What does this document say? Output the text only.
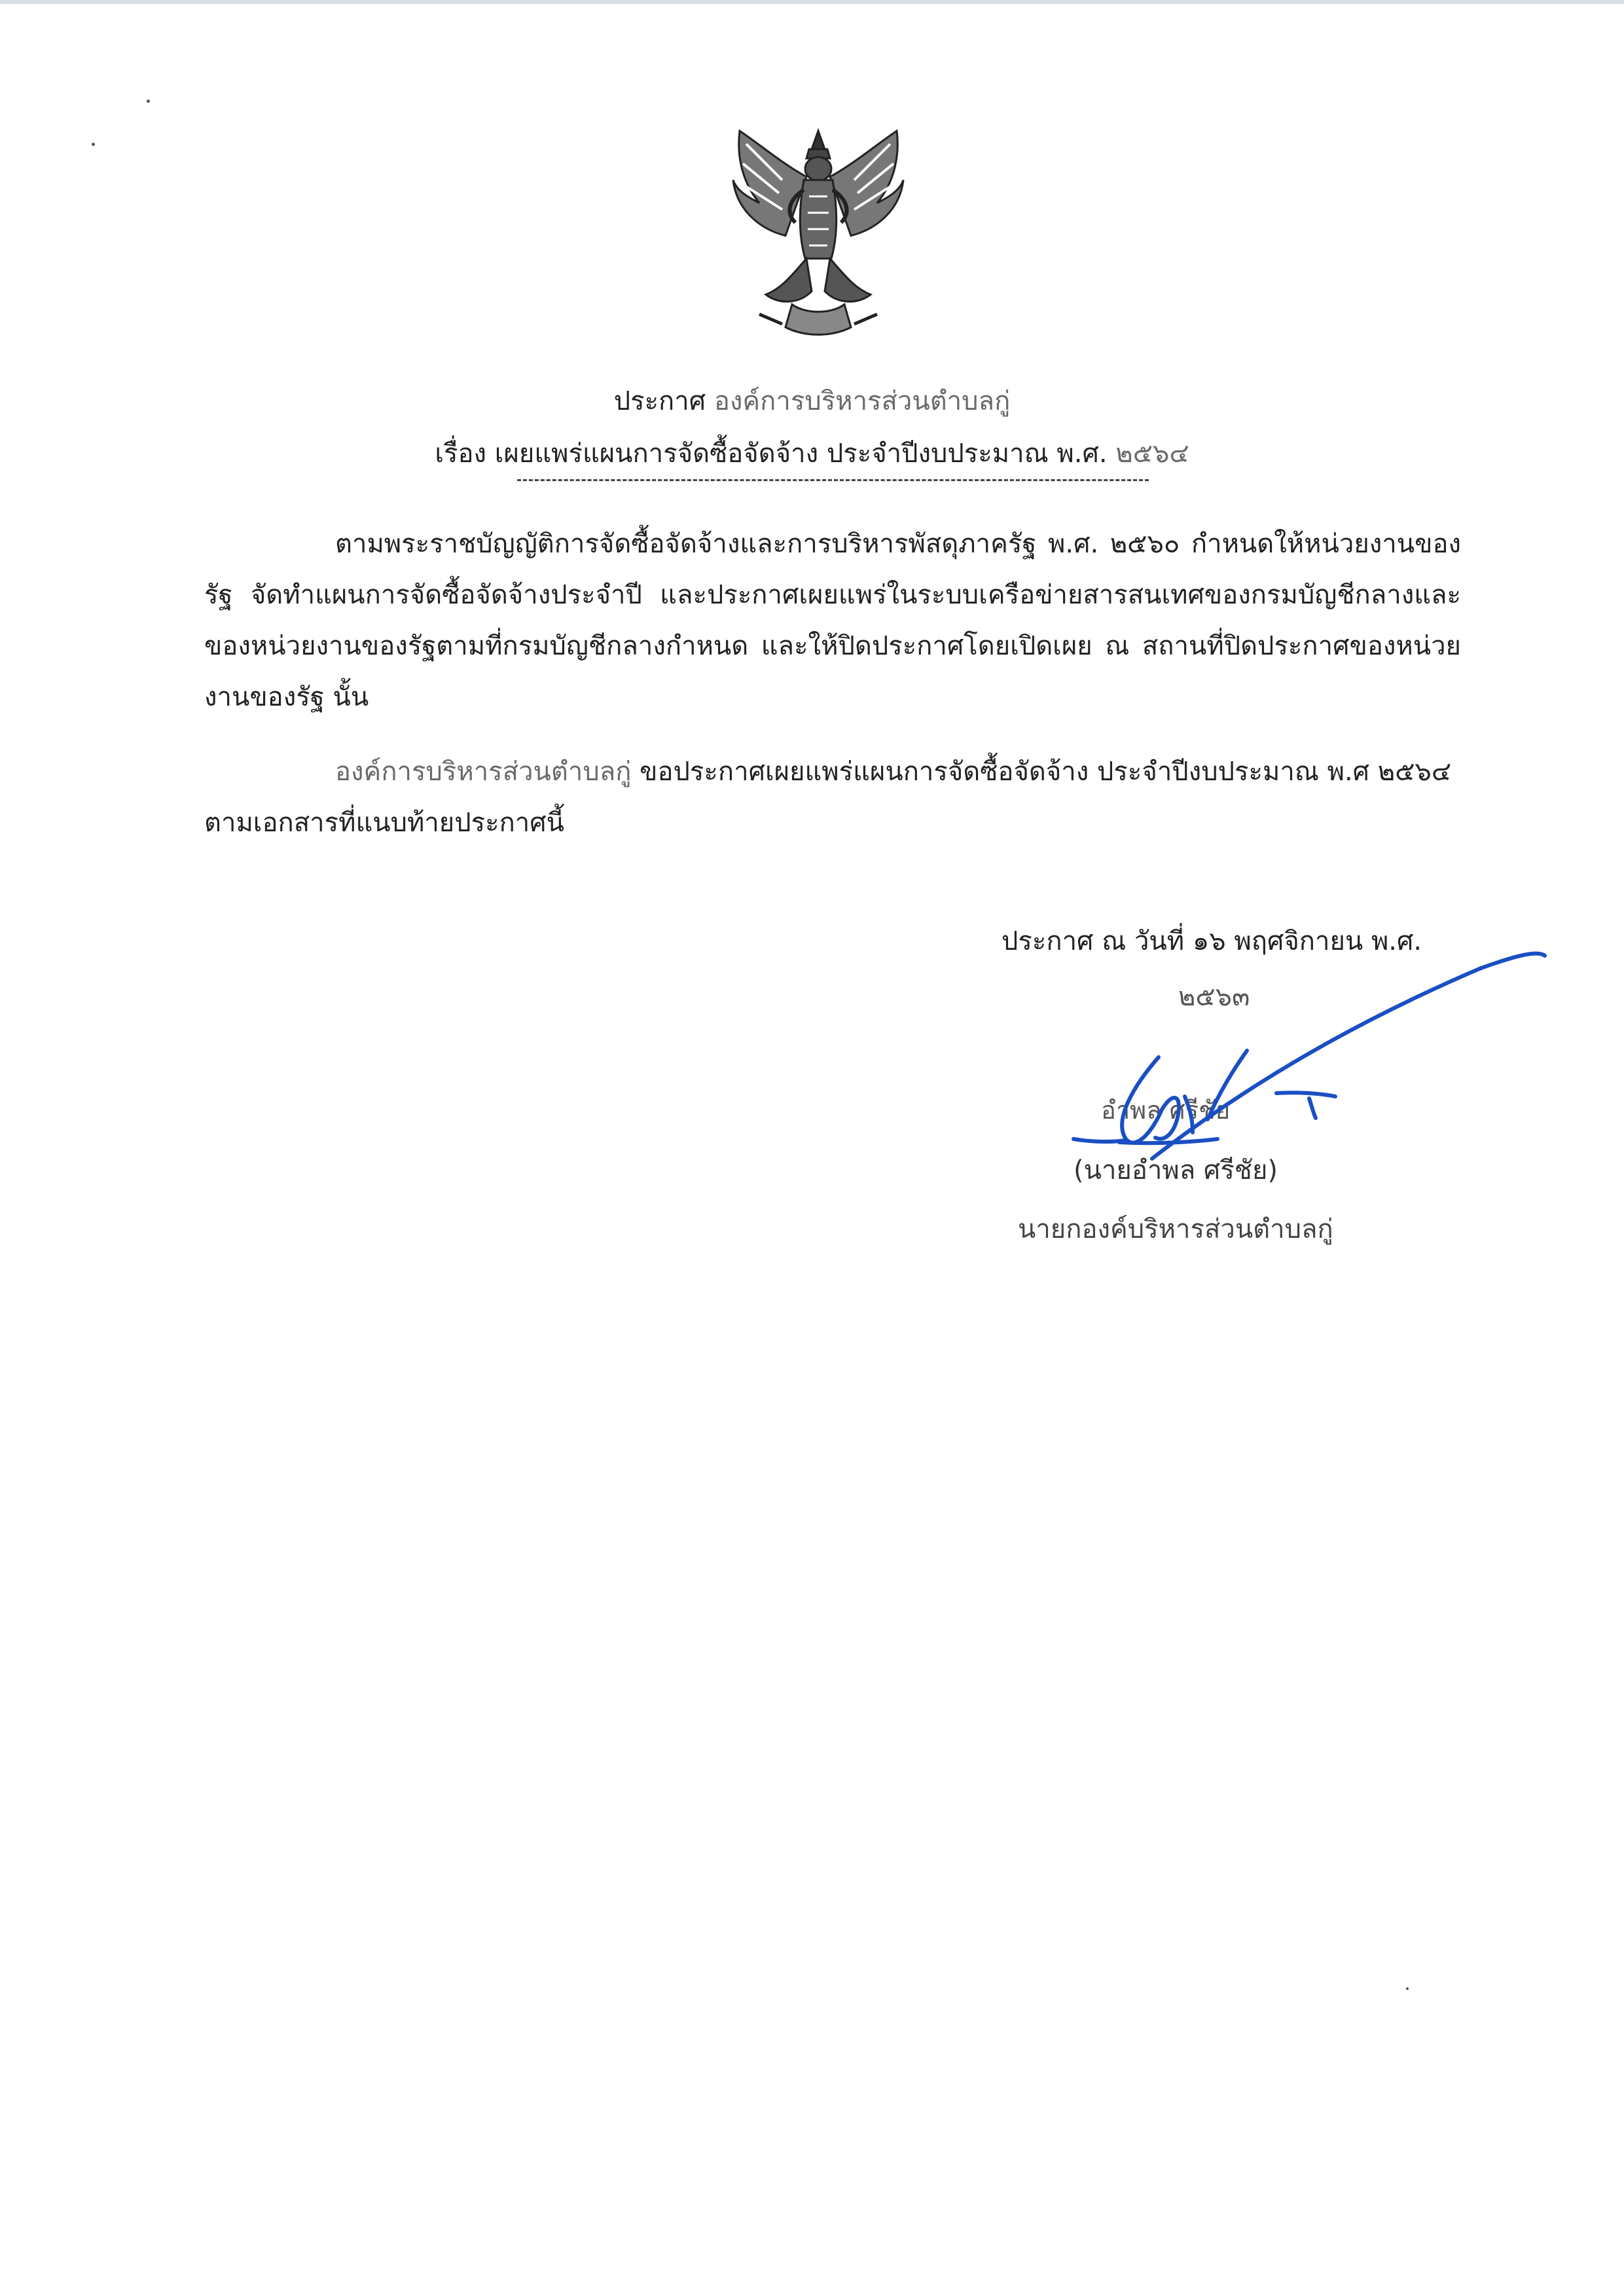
ประกาศ องค์การบริหารส่วนตำบลกู่
เรื่อง เผยแพร่แผนการจัดซื้อจัดจ้าง ประจำปีงบประมาณ พ.ศ. ๒๕๖๔
ตามพระราชบัญญัติการจัดซื้อจัดจ้างและการบริหารพัสดุภาครัฐ พ.ศ. ๒๕๖๐ กำหนดให้หน่วยงานของรัฐ จัดทำแผนการจัดซื้อจัดจ้างประจำปี และประกาศเผยแพร่ในระบบเครือข่ายสารสนเทศของกรมบัญชีกลางและของหน่วยงานของรัฐตามที่กรมบัญชีกลางกำหนด และให้ปิดประกาศโดยเปิดเผย ณ สถานที่ปิดประกาศของหน่วยงานของรัฐ นั้น
องค์การบริหารส่วนตำบลกู่ ขอประกาศเผยแพร่แผนการจัดซื้อจัดจ้าง ประจำปีงบประมาณ พ.ศ ๒๕๖๔ ตามเอกสารที่แนบท้ายประกาศนี้
ประกาศ ณ วันที่ ๑๖ พฤศจิกายน พ.ศ.
๒๕๖๓
อำพล ศรีชัย
(นายอำพล ศรีชัย)
นายกองค์บริหารส่วนตำบลกู่
